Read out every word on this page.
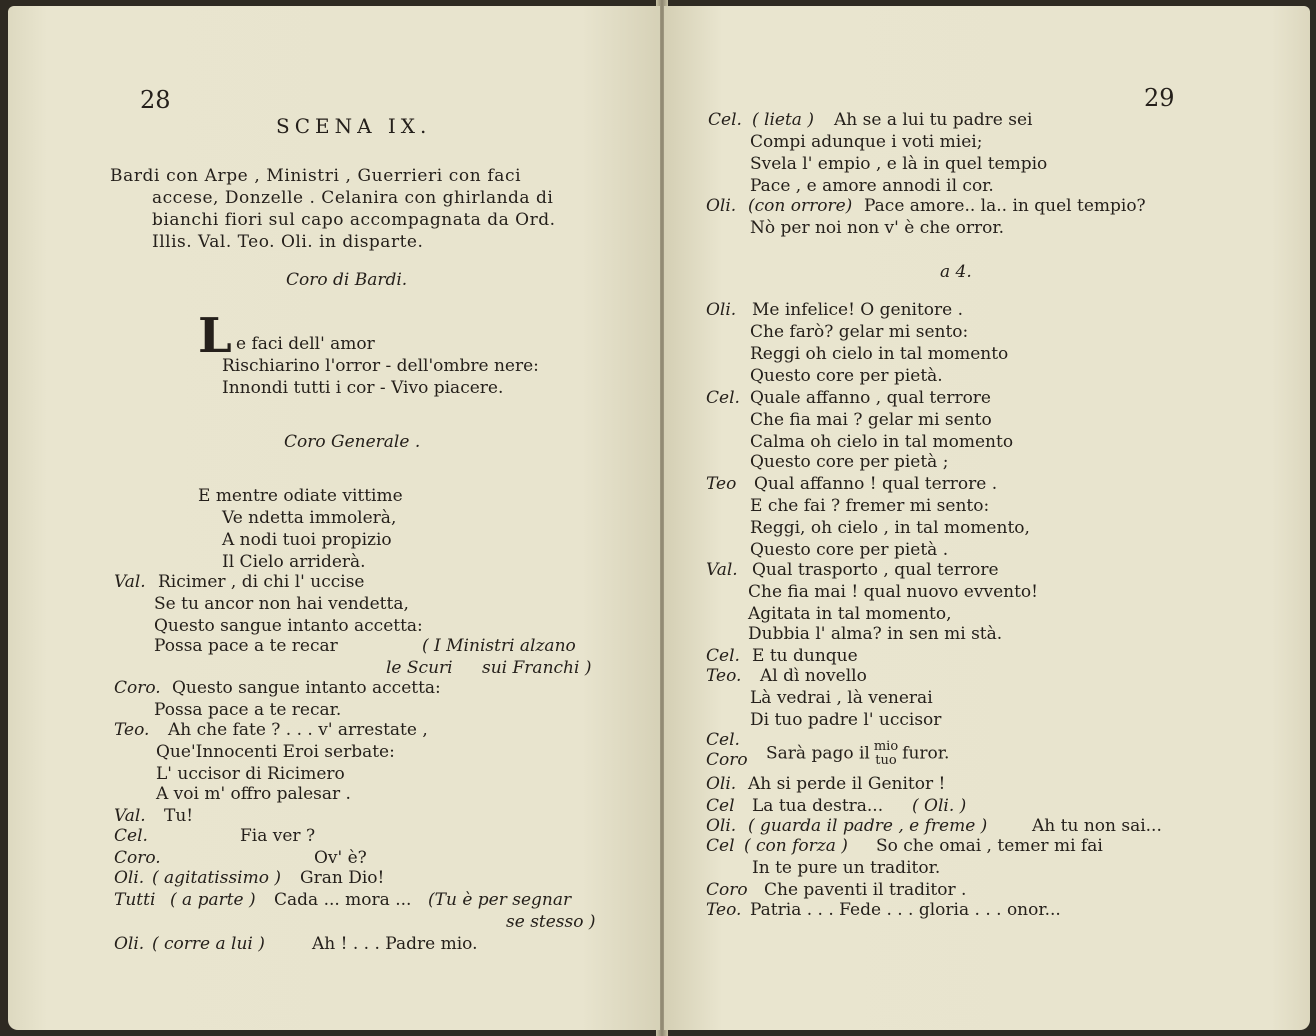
28
SCENA IX.
Bardi con Arpe , Ministri , Guerrieri con faci
accese, Donzelle . Celanira con ghirlanda di
bianchi fiori sul capo accompagnata da Ord.
Illis. Val. Teo. Oli. in disparte.
Coro di Bardi.
L e faci dell' amor
Rischiarino l'orror - dell'ombre nere:
Innondi tutti i cor - Vivo piacere.
Coro Generale .
E mentre odiate vittime
Ve ndetta immolerà,
A nodi tuoi propizio
Il Cielo arriderà.
Val. Ricimer , di chi l' uccise
Se tu ancor non hai vendetta,
Questo sangue intanto accetta:
Possa pace a te recar	( I Ministri alzano
le Scuri sui Franchi )
Coro. Questo sangue intanto accetta:
Possa pace a te recar.
Teo. Ah che fate ? . . . v' arrestate ,
Que'Innocenti Eroi serbate:
L' uccisor di Ricimero
A voi m' offro palesar .
Val. Tu!
Cel.	Fia ver ?
Coro.	Ov' è?
Oli. ( agitatissimo ) Gran Dio!
Tutti ( a parte ) Cada ... mora ... (Tu è per segnar
se stesso )
Oli. ( corre a lui )	Ah ! . . . Padre mio.
29
Cel. ( lieta ) Ah se a lui tu padre sei
Compi adunque i voti miei;
Svela l' empio , e là in quel tempio
Pace , e amore annodi il cor.
Oli. (con orrore) Pace amore.. la.. in quel tempio?
Nò per noi non v' è che orror.
a 4.
Oli. Me infelice! O genitore .
Che farò? gelar mi sento:
Reggi oh cielo in tal momento
Questo core per pietà.
Cel. Quale affanno , qual terrore
Che fia mai ? gelar mi sento
Calma oh cielo in tal momento
Questo core per pietà ;
Teo Qual affanno ! qual terrore .
E che fai ? fremer mi sento:
Reggi, oh cielo , in tal momento,
Questo core per pietà .
Val. Qual trasporto , qual terrore
Che fia mai ! qual nuovo evvento!
Agitata in tal momento,
Dubbia l' alma? in sen mi stà.
Cel. E tu dunque
Teo. Al dì novello
Là vedrai , là venerai
Di tuo padre l' uccisor
Cel.
Coro Sarà pago il mio
tuo furor.
Oli. Ah si perde il Genitor !
Cel La tua destra... ( Oli. )
Oli. ( guarda il padre , e freme )	Ah tu non sai...
Cel ( con forza ) So che omai , temer mi fai
In te pure un traditor.
Coro Che paventi il traditor .
Teo. Patria . . . Fede . . . gloria . . . onor...
